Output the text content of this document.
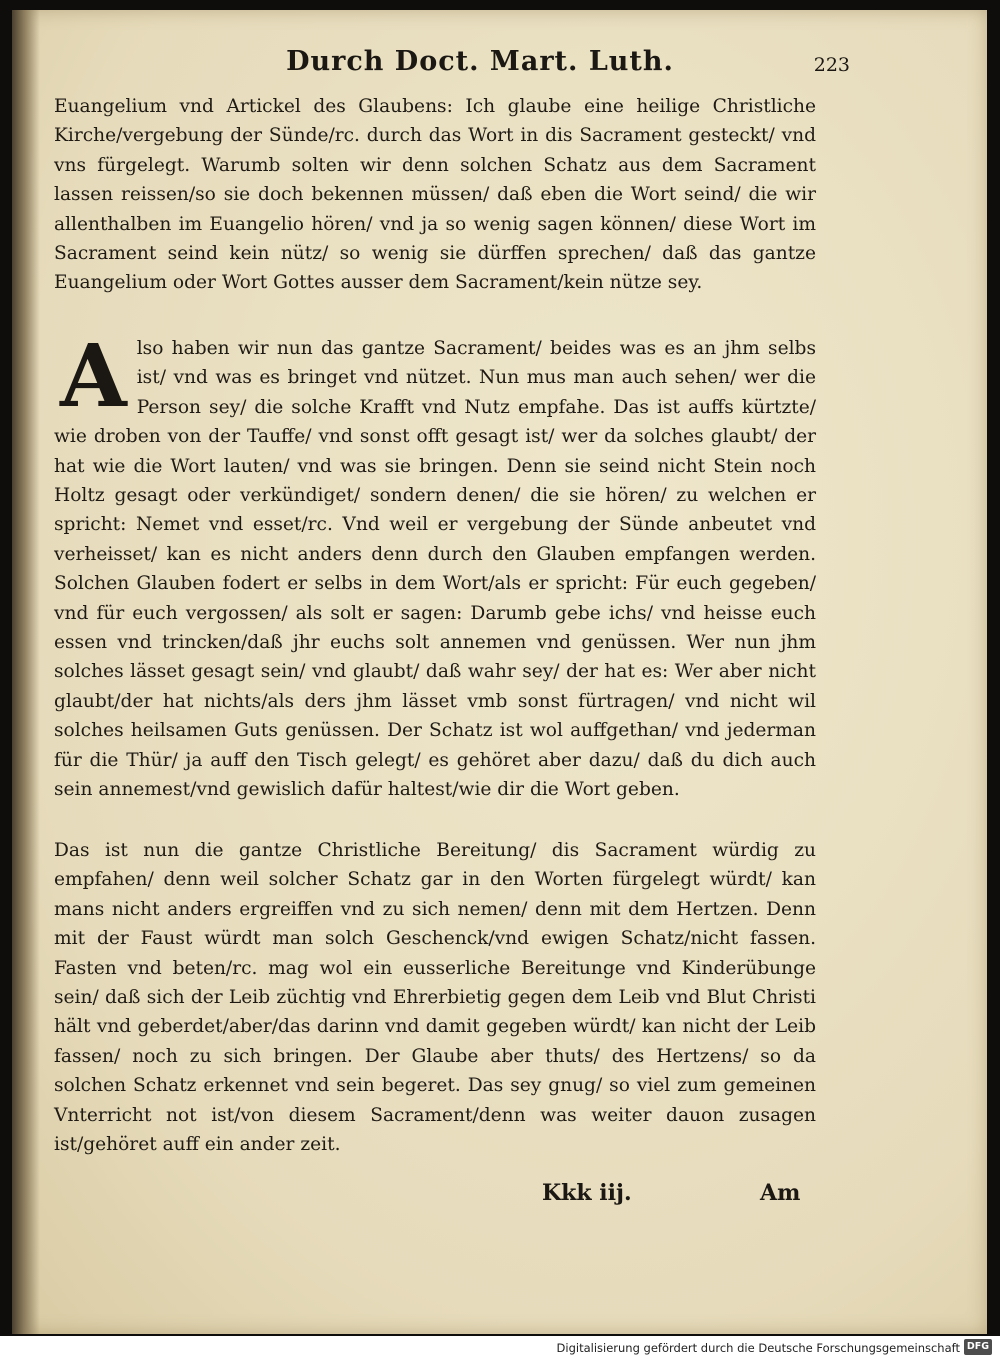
Durch Doct. Mart. Luth.	223

Euangelium vnd Artickel des Glaubens: Ich glaube eine heilige Christliche Kirche/vergebung der Sünde/rc. durch das Wort in dis Sacrament gesteckt/ vnd vns fürgelegt. Warumb solten wir denn solchen Schatz aus dem Sacrament lassen reissen/so sie doch bekennen müssen/ daß eben die Wort seind/ die wir allenthalben im Euangelio hören/ vnd ja so wenig sagen können/ diese Wort im Sacrament seind kein nütz/ so wenig sie dürffen sprechen/ daß das gantze Euangelium oder Wort Gottes ausser dem Sacrament/kein nütze sey.

A lso haben wir nun das gantze Sacrament/ beides was es an jhm selbs ist/ vnd was es bringet vnd nützet. Nun mus man auch sehen/ wer die Person sey/ die solche Krafft vnd Nutz empfahe. Das ist auffs kürtzte/ wie droben von der Tauffe/ vnd sonst offt gesagt ist/ wer da solches glaubt/ der hat wie die Wort lauten/ vnd was sie bringen. Denn sie seind nicht Stein noch Holtz gesagt oder verkündiget/ sondern denen/ die sie hören/ zu welchen er spricht: Nemet vnd esset/rc. Vnd weil er vergebung der Sünde anbeutet vnd verheisset/ kan es nicht anders denn durch den Glauben empfangen werden. Solchen Glauben fodert er selbs in dem Wort/als er spricht: Für euch gegeben/ vnd für euch vergossen/ als solt er sagen: Darumb gebe ichs/ vnd heisse euch essen vnd trincken/daß jhr euchs solt annemen vnd genüssen. Wer nun jhm solches lässet gesagt sein/ vnd glaubt/ daß wahr sey/ der hat es: Wer aber nicht glaubt/der hat nichts/als ders jhm lässet vmb sonst fürtragen/ vnd nicht wil solches heilsamen Guts genüssen. Der Schatz ist wol auffgethan/ vnd jederman für die Thür/ ja auff den Tisch gelegt/ es gehöret aber dazu/ daß du dich auch sein annemest/vnd gewislich dafür haltest/wie dir die Wort geben.

Das ist nun die gantze Christliche Bereitung/ dis Sacrament würdig zu empfahen/ denn weil solcher Schatz gar in den Worten fürgelegt würdt/ kan mans nicht anders ergreiffen vnd zu sich nemen/ denn mit dem Hertzen. Denn mit der Faust würdt man solch Geschenck/vnd ewigen Schatz/nicht fassen. Fasten vnd beten/rc. mag wol ein eusserliche Bereitunge vnd Kinderübunge sein/ daß sich der Leib züchtig vnd Ehrerbietig gegen dem Leib vnd Blut Christi hält vnd geberdet/aber/das darinn vnd damit gegeben würdt/ kan nicht der Leib fassen/ noch zu sich bringen. Der Glaube aber thuts/ des Hertzens/ so da solchen Schatz erkennet vnd sein begeret. Das sey gnug/ so viel zum gemeinen Vnterricht not ist/von diesem Sacrament/denn was weiter dauon zusagen ist/gehöret auff ein ander zeit.

Kkk iij.	Am
Digitalisierung gefördert durch die Deutsche Forschungsgemeinschaft DFG
